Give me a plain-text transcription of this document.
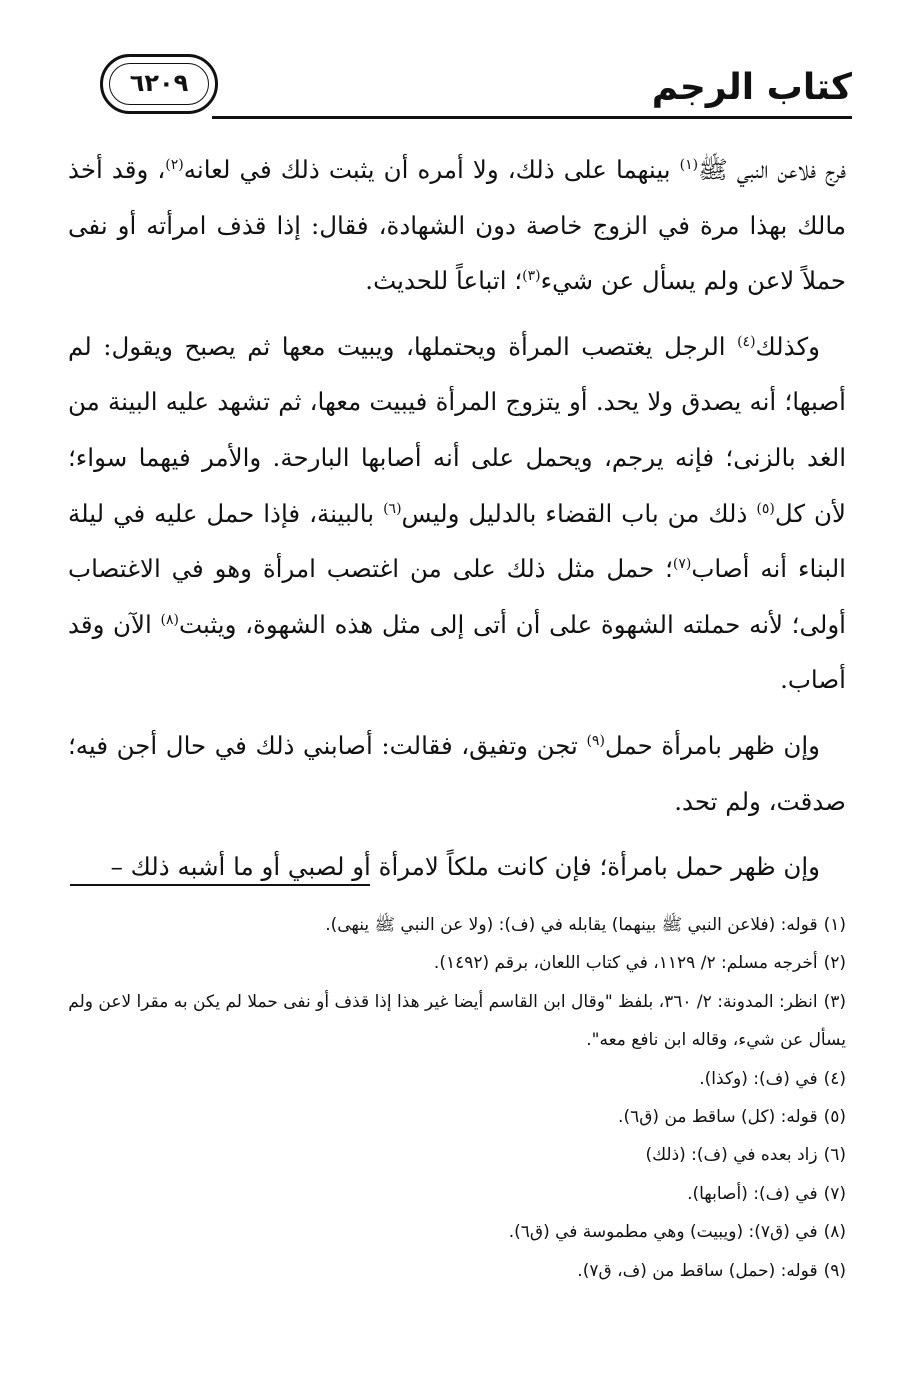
كتاب الرجم
٦٢٠٩

فرج فلاعن النبي ﷺ$^{(١)}$ بينهما على ذلك، ولا أمره أن يثبت ذلك في لعانه$^{(٢)}$، وقد أخذ مالك بهذا مرة في الزوج خاصة دون الشهادة، فقال: إذا قذف امرأته أو نفى حملاً لاعن ولم يسأل عن شيء$^{(٣)}$؛ اتباعاً للحديث.

وكذلك$^{(٤)}$ الرجل يغتصب المرأة ويحتملها، ويبيت معها ثم يصبح ويقول: لم أصبها؛ أنه يصدق ولا يحد. أو يتزوج المرأة فيبيت معها، ثم تشهد عليه البينة من الغد بالزنى؛ فإنه يرجم، ويحمل على أنه أصابها البارحة. والأمر فيهما سواء؛ لأن كل$^{(٥)}$ ذلك من باب القضاء بالدليل وليس$^{(٦)}$ بالبينة، فإذا حمل عليه في ليلة البناء أنه أصاب$^{(٧)}$؛ حمل مثل ذلك على من اغتصب امرأة وهو في الاغتصاب أولى؛ لأنه حملته الشهوة على أن أتى إلى مثل هذه الشهوة، ويثبت$^{(٨)}$ الآن وقد أصاب.

وإن ظهر بامرأة حمل$^{(٩)}$ تجن وتفيق، فقالت: أصابني ذلك في حال أجن فيه؛ صدقت، ولم تحد.

وإن ظهر حمل بامرأة؛ فإن كانت ملكاً لامرأة أو لصبي أو ما أشبه ذلك –

(١)قوله: (فلاعن النبي ﷺ بينهما) يقابله في (ف): (ولا عن النبي ﷺ ينهى).
(٢)أخرجه مسلم: ٢/ ١١٢٩، في كتاب اللعان، برقم (١٤٩٢).
(٣)انظر: المدونة: ٢/ ٣٦٠، بلفظ "وقال ابن القاسم أيضا غير هذا إذا قذف أو نفى حملا لم يكن به مقرا لاعن ولم يسأل عن شيء، وقاله ابن نافع معه".
(٤)في (ف): (وكذا).
(٥)قوله: (كل) ساقط من (ق٦).
(٦)زاد بعده في (ف): (ذلك)
(٧)في (ف): (أصابها).
(٨)في (ق٧): (ويبيت) وهي مطموسة في (ق٦).
(٩)قوله: (حمل) ساقط من (ف، ق٧).
